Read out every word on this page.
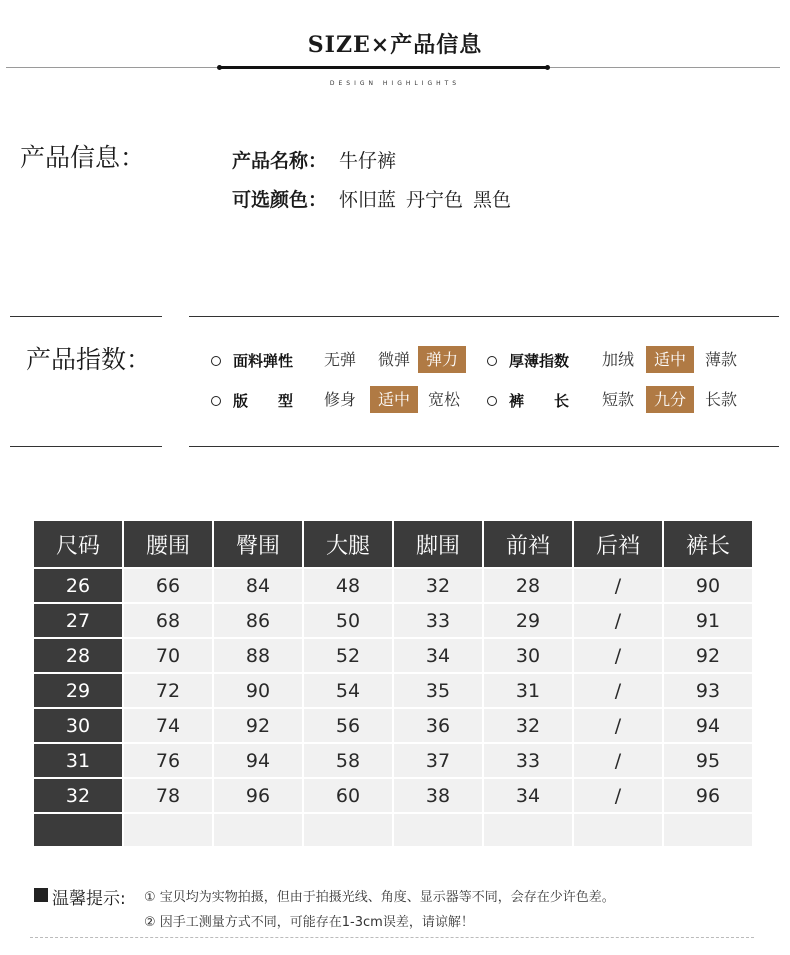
SIZE×产品信息
DESIGN HIGHLIGHTS
产品信息：	产品名称： 牛仔裤
可选颜色： 怀旧蓝 丹宁色 黑色
产品指数：	面料弹性	无弹	微弹 弹力	厚薄指数	加绒	适中	薄款
版　　型	修身	适中	宽松	裤　　长	短款	九分	长款
尺码	腰围	臀围	大腿	脚围	前裆	后裆	裤长
26	66	84	48	32	28	/	90
27	68	86	50	33	29	/	91
28	70	88	52	34	30	/	92
29	72	90	54	35	31	/	93
30	74	92	56	36	32	/	94
31	76	94	58	37	33	/	95
32	78	96	60	38	34	/	96

温馨提示: ① 宝贝均为实物拍摄，但由于拍摄光线、角度、显示器等不同，会存在少许色差。
② 因手工测量方式不同，可能存在1-3cm误差，请谅解！
